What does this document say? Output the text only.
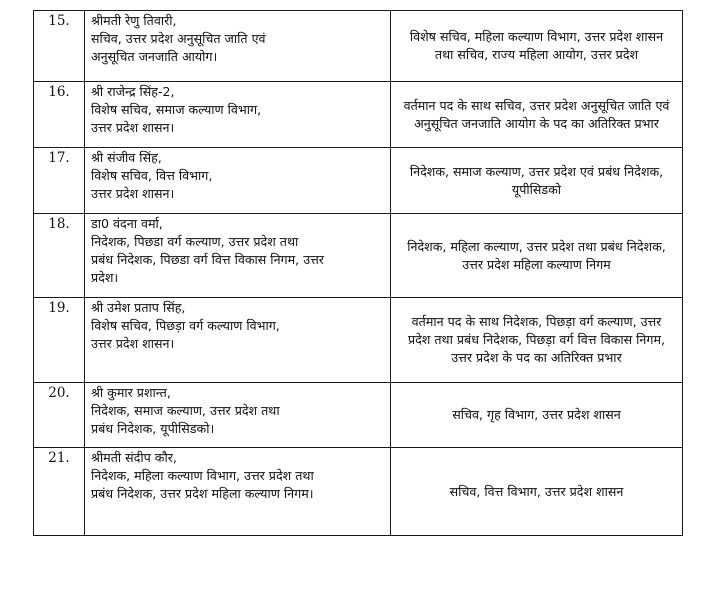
15.	श्रीमती रेणु तिवारी,
सचिव, उत्तर प्रदेश अनुसूचित जाति एवं
अनुसूचित जनजाति आयोग।	विशेष सचिव, महिला कल्याण विभाग, उत्तर प्रदेश शासन तथा सचिव, राज्य महिला आयोग, उत्तर प्रदेश

16.	श्री राजेन्द्र सिंह-2,
विशेष सचिव, समाज कल्याण विभाग,
उत्तर प्रदेश शासन।	वर्तमान पद के साथ सचिव, उत्तर प्रदेश अनुसूचित जाति एवं अनुसूचित जनजाति आयोग के पद का अतिरिक्त प्रभार

17.	श्री संजीव सिंह,
विशेष सचिव, वित्त विभाग,
उत्तर प्रदेश शासन।	निदेशक, समाज कल्याण, उत्तर प्रदेश एवं प्रबंध निदेशक, यूपीसिडको

18.	डा0 वंदना वर्मा,
निदेशक, पिछडा वर्ग कल्याण, उत्तर प्रदेश तथा
प्रबंध निदेशक, पिछडा वर्ग वित्त विकास निगम, उत्तर
प्रदेश।	निदेशक, महिला कल्याण, उत्तर प्रदेश तथा प्रबंध निदेशक, उत्तर प्रदेश महिला कल्याण निगम

19.	श्री उमेश प्रताप सिंह,
विशेष सचिव, पिछड़ा वर्ग कल्याण विभाग,
उत्तर प्रदेश शासन।	वर्तमान पद के साथ निदेशक, पिछड़ा वर्ग कल्याण, उत्तर प्रदेश तथा प्रबंध निदेशक, पिछड़ा वर्ग वित्त विकास निगम, उत्तर प्रदेश के पद का अतिरिक्त प्रभार

20.	श्री कुमार प्रशान्त,
निदेशक, समाज कल्याण, उत्तर प्रदेश तथा
प्रबंध निदेशक, यूपीसिडको।	सचिव, गृह विभाग, उत्तर प्रदेश शासन

21.	श्रीमती संदीप कौर,
निदेशक, महिला कल्याण विभाग, उत्तर प्रदेश तथा
प्रबंध निदेशक, उत्तर प्रदेश महिला कल्याण निगम।	सचिव, वित्त विभाग, उत्तर प्रदेश शासन
